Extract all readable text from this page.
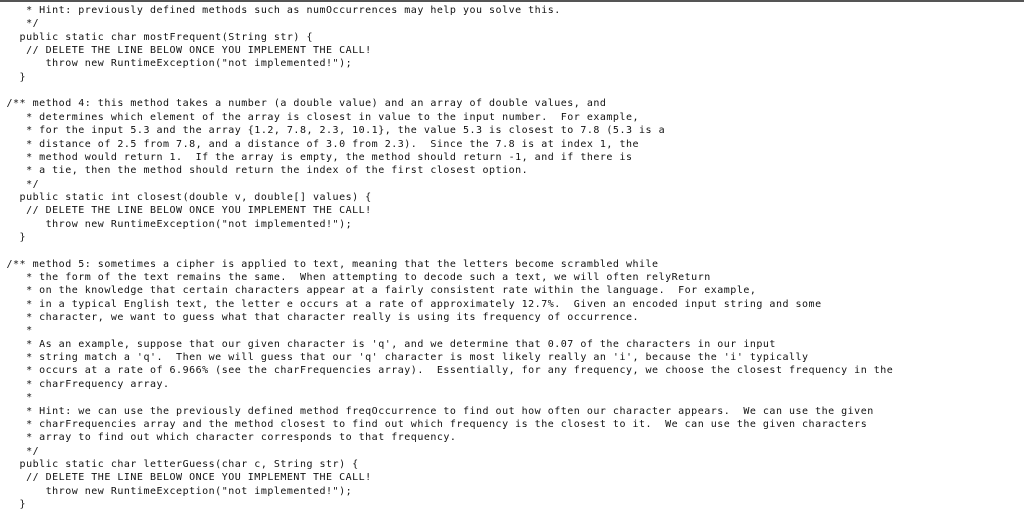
* Hint: previously defined methods such as numOccurrences may help you solve this.
*/
public static char mostFrequent(String str) {
// DELETE THE LINE BELOW ONCE YOU IMPLEMENT THE CALL!
throw new RuntimeException("not implemented!");
}
/** method 4: this method takes a number (a double value) and an array of double values, and
* determines which element of the array is closest in value to the input number.  For example,
* for the input 5.3 and the array {1.2, 7.8, 2.3, 10.1}, the value 5.3 is closest to 7.8 (5.3 is a
* distance of 2.5 from 7.8, and a distance of 3.0 from 2.3).  Since the 7.8 is at index 1, the
* method would return 1.  If the array is empty, the method should return -1, and if there is
* a tie, then the method should return the index of the first closest option.
*/
public static int closest(double v, double[] values) {
// DELETE THE LINE BELOW ONCE YOU IMPLEMENT THE CALL!
throw new RuntimeException("not implemented!");
}
/** method 5: sometimes a cipher is applied to text, meaning that the letters become scrambled while
* the form of the text remains the same.  When attempting to decode such a text, we will often relyReturn
* on the knowledge that certain characters appear at a fairly consistent rate within the language.  For example,
* in a typical English text, the letter e occurs at a rate of approximately 12.7%.  Given an encoded input string and some
* character, we want to guess what that character really is using its frequency of occurrence.
*
* As an example, suppose that our given character is 'q', and we determine that 0.07 of the characters in our input
* string match a 'q'.  Then we will guess that our 'q' character is most likely really an 'i', because the 'i' typically
* occurs at a rate of 6.966% (see the charFrequencies array).  Essentially, for any frequency, we choose the closest frequency in the
* charFrequency array.
*
* Hint: we can use the previously defined method freqOccurrence to find out how often our character appears.  We can use the given
* charFrequencies array and the method closest to find out which frequency is the closest to it.  We can use the given characters
* array to find out which character corresponds to that frequency.
*/
public static char letterGuess(char c, String str) {
// DELETE THE LINE BELOW ONCE YOU IMPLEMENT THE CALL!
throw new RuntimeException("not implemented!");
}
